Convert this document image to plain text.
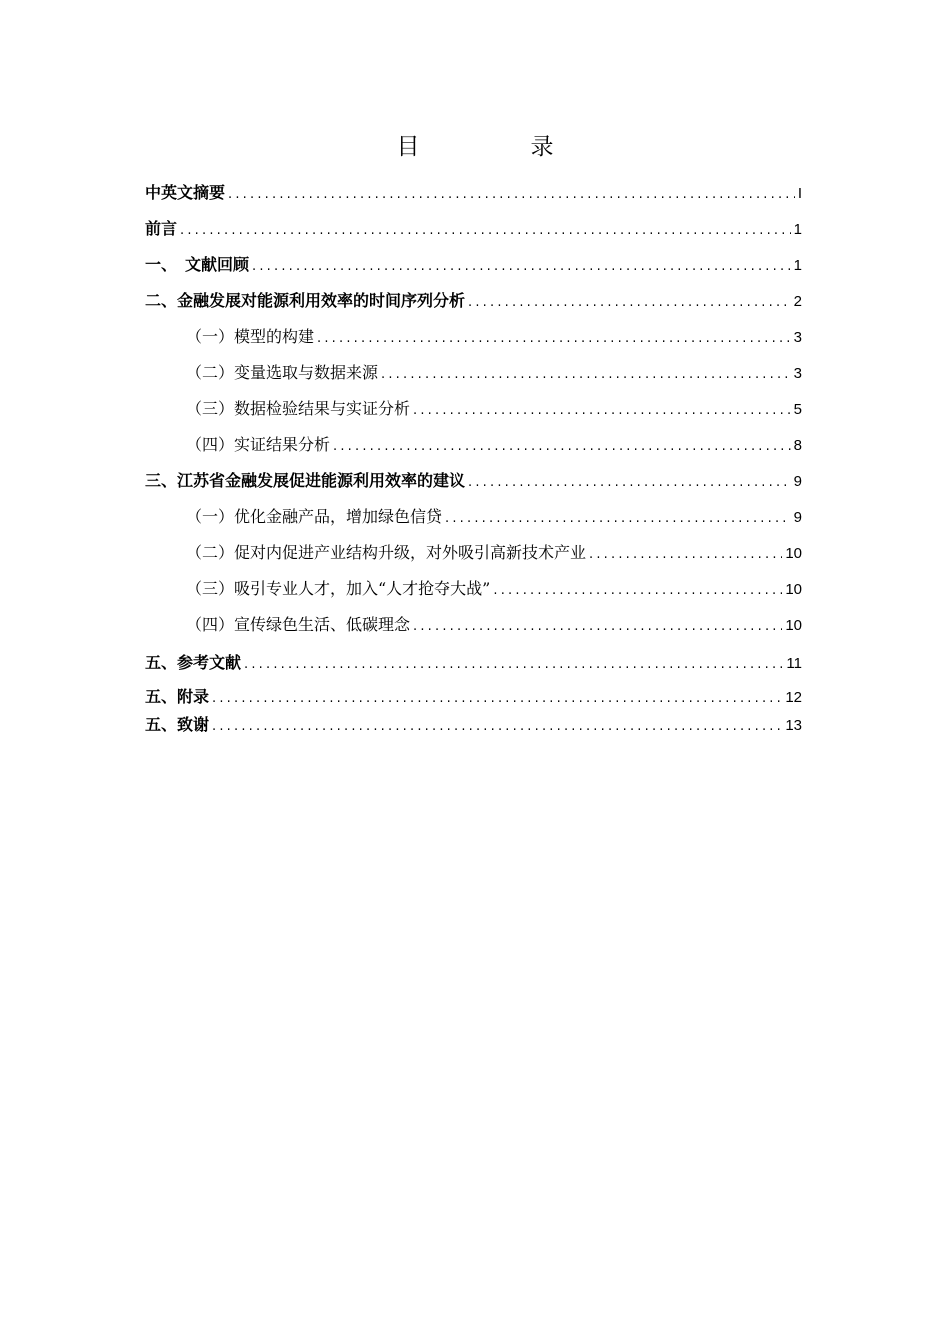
目　录
中英文摘要 .....	I
前言 .....	1
一、　文献回顾 .....	1
二、金融发展对能源利用效率的时间序列分析 .....	2
（一）模型的构建 .....	3
（二）变量选取与数据来源 .....	3
（三）数据检验结果与实证分析 .....	5
（四）实证结果分析 .....	8
三、江苏省金融发展促进能源利用效率的建议 .....	9
（一）优化金融产品，增加绿色信贷 .....	9
（二）促对内促进产业结构升级，对外吸引高新技术产业 .....	10
（三）吸引专业人才，加入“人才抢夺大战” .....	10
（四）宣传绿色生活、低碳理念 .....	10
五、参考文献 .....	11
五、附录 .....	12
五、致谢 .....	13
